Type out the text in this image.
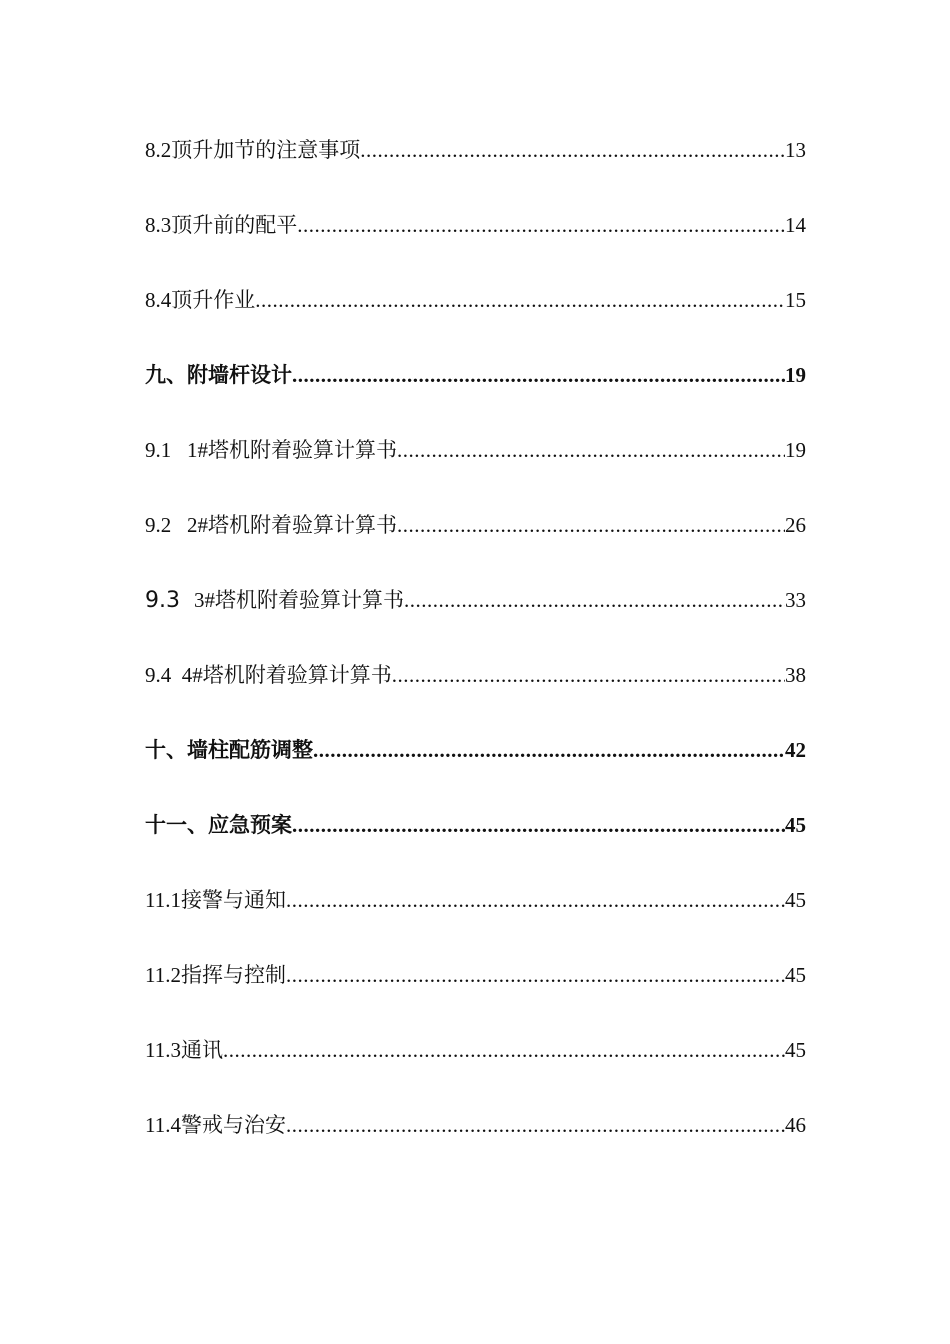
8.2 顶升加节的注意事项 .....	13
8.3 顶升前的配平 .....	14
8.4 顶升作业 .....	15
九、 附墙杆设计 .....	19
9.1 1#塔机附着验算计算书 .....	19
9.2 2#塔机附着验算计算书 .....	26
9.3 3#塔机附着验算计算书 .....	33
9.4 4#塔机附着验算计算书 .....	38
十、 墙柱配筋调整 .....	42
十一、 应急预案 .....	45
11.1 接警与通知 .....	45
11.2 指挥与控制 .....	45
11.3 通讯 .....	45
11.4 警戒与治安 .....	46
